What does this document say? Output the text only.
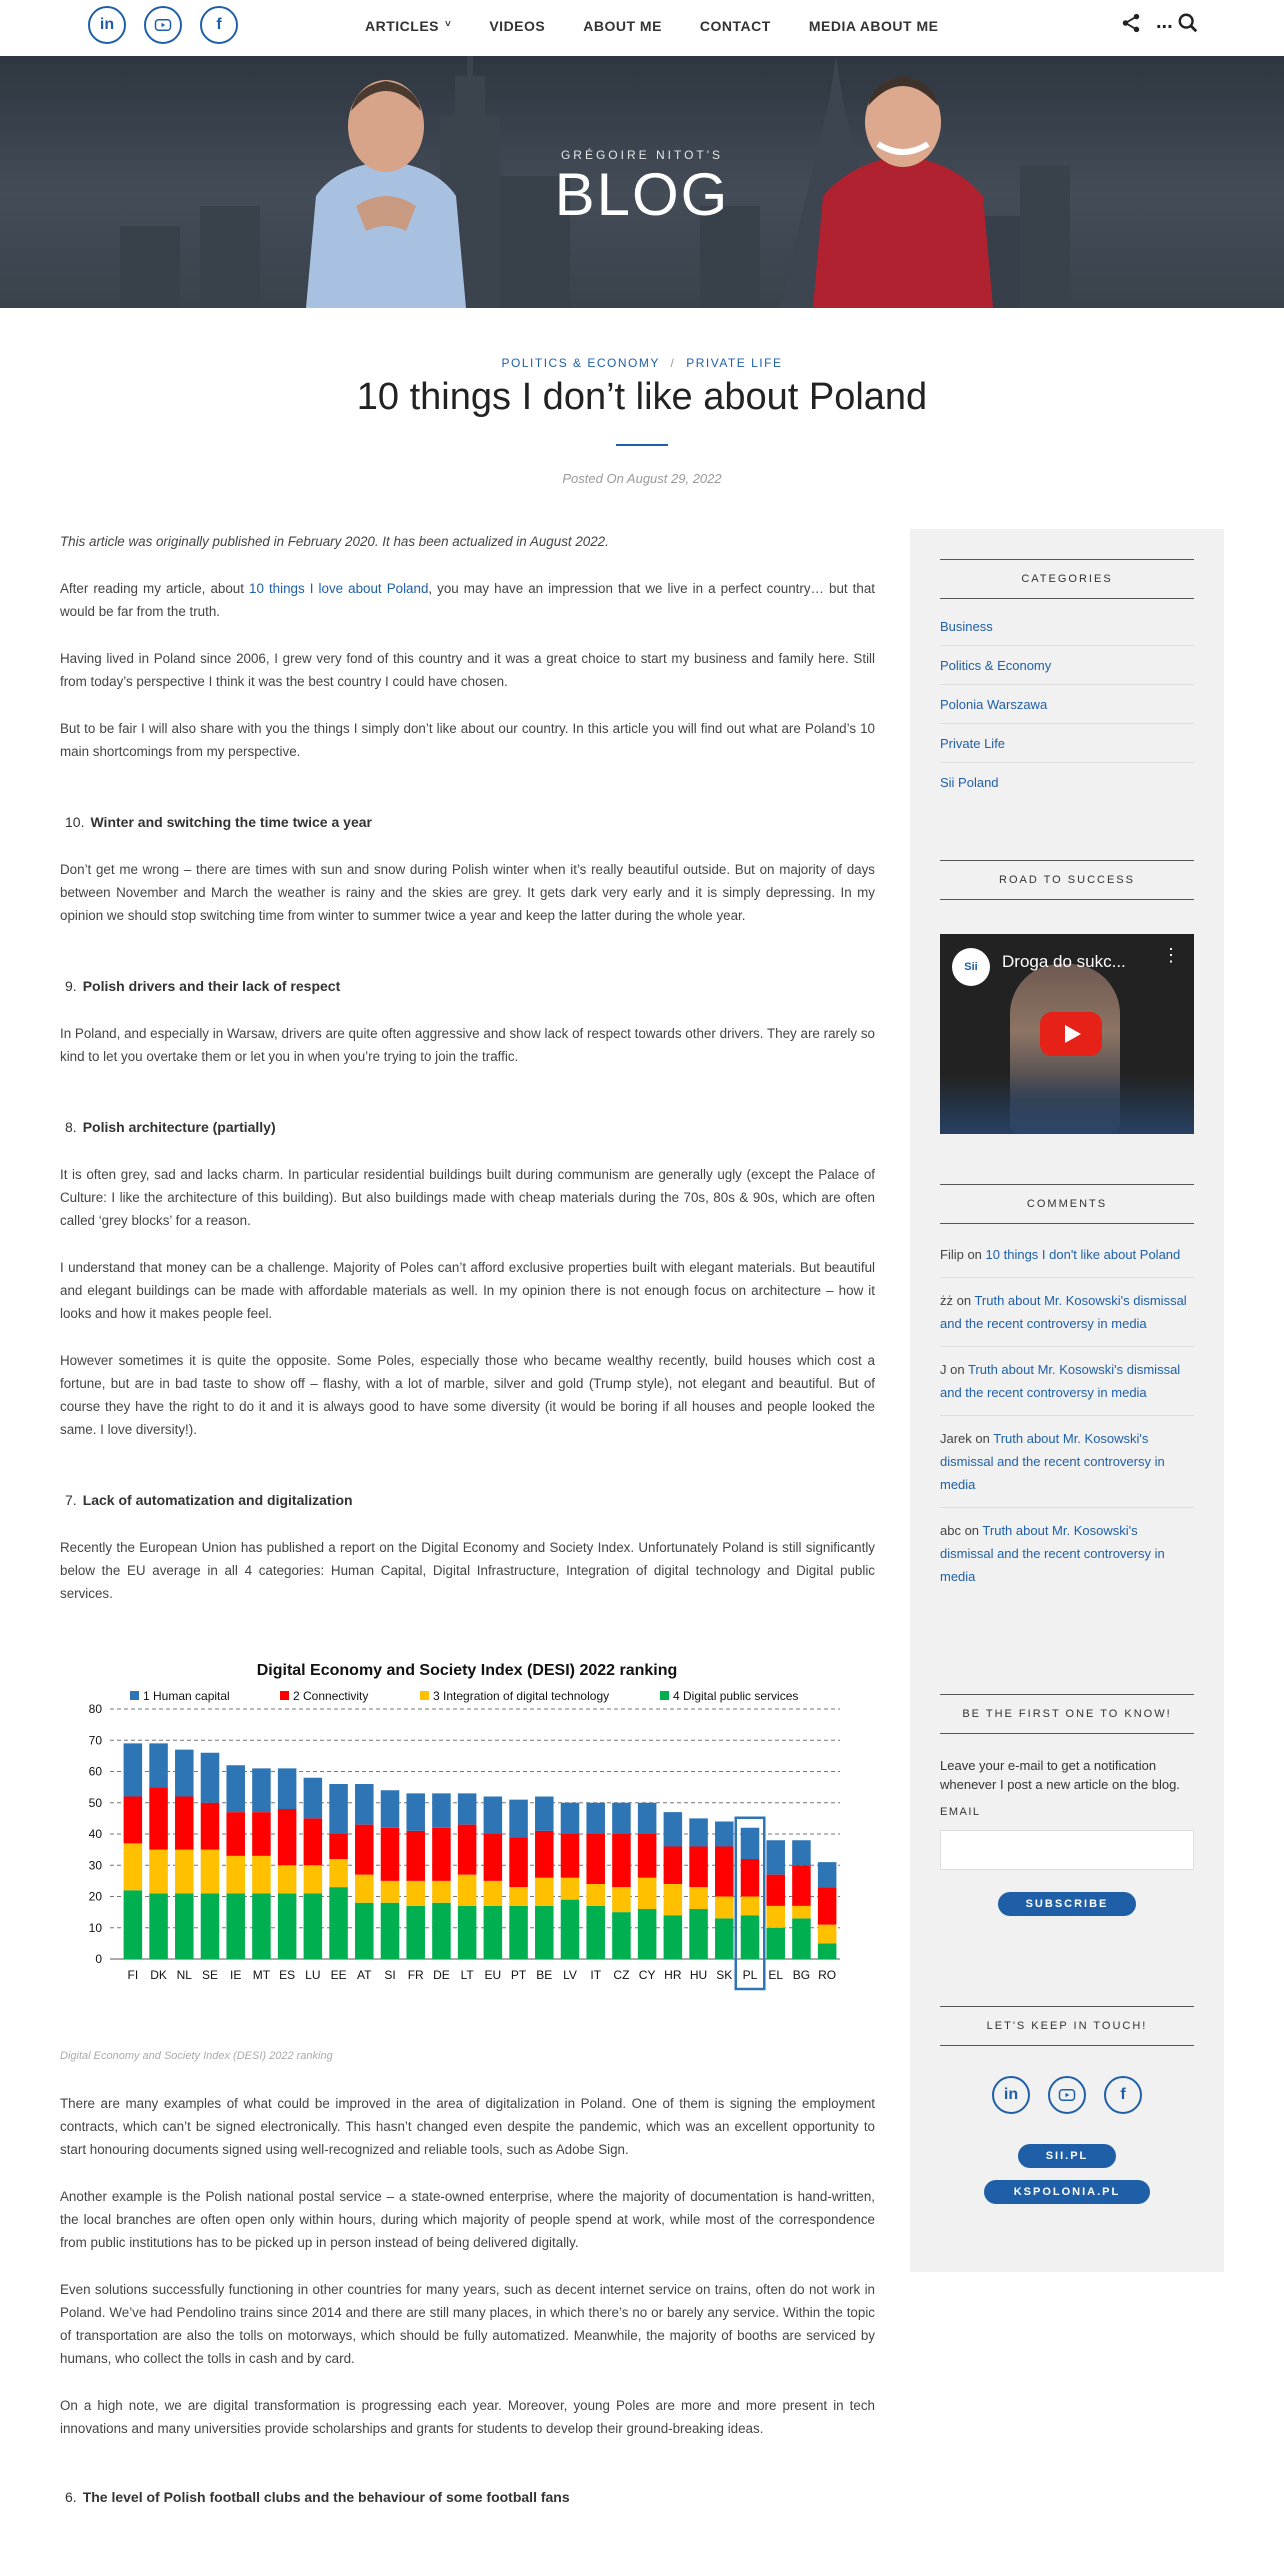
in	f	ARTICLES ˅	VIDEOS	ABOUT ME	CONTACT	MEDIA ABOUT ME	...
GRÉGOIRE NITOT'S
BLOG
POLITICS & ECONOMY / PRIVATE LIFE
10 things I don’t like about Poland
Posted On August 29, 2022

This article was originally published in February 2020. It has been actualized in August 2022.

After reading my article, about 10 things I love about Poland, you may have an impression that we live in a perfect country… but that would be far from the truth.

Having lived in Poland since 2006, I grew very fond of this country and it was a great choice to start my business and family here. Still from today’s perspective I think it was the best country I could have chosen.

But to be fair I will also share with you the things I simply don’t like about our country. In this article you will find out what are Poland’s 10 main shortcomings from my perspective.

10. Winter and switching the time twice a year

Don’t get me wrong – there are times with sun and snow during Polish winter when it’s really beautiful outside. But on majority of days between November and March the weather is rainy and the skies are grey. It gets dark very early and it is simply depressing. In my opinion we should stop switching time from winter to summer twice a year and keep the latter during the whole year.

9. Polish drivers and their lack of respect

In Poland, and especially in Warsaw, drivers are quite often aggressive and show lack of respect towards other drivers. They are rarely so kind to let you overtake them or let you in when you’re trying to join the traffic.

8. Polish architecture (partially)

It is often grey, sad and lacks charm. In particular residential buildings built during communism are generally ugly (except the Palace of Culture: I like the architecture of this building). But also buildings made with cheap materials during the 70s, 80s & 90s, which are often called ‘grey blocks’ for a reason.

I understand that money can be a challenge. Majority of Poles can’t afford exclusive properties built with elegant materials. But beautiful and elegant buildings can be made with affordable materials as well. In my opinion there is not enough focus on architecture – how it looks and how it makes people feel.

However sometimes it is quite the opposite. Some Poles, especially those who became wealthy recently, build houses which cost a fortune, but are in bad taste to show off – flashy, with a lot of marble, silver and gold (Trump style), not elegant and beautiful. But of course they have the right to do it and it is always good to have some diversity (it would be boring if all houses and people looked the same. I love diversity!).

7. Lack of automatization and digitalization

Recently the European Union has published a report on the Digital Economy and Society Index. Unfortunately Poland is still significantly below the EU average in all 4 categories: Human Capital, Digital Infrastructure, Integration of digital technology and Digital public services.

Digital Economy and Society Index (DESI) 2022 ranking
1 Human capital	2 Connectivity	3 Integration of digital technology	4 Digital public services
0
10
20
30
40
50
60
70
80
FI DK NL SE IE MT ES LU EE AT SI FR DE LT EU PT BE LV IT CZ CY HR HU SK PL EL BG RO
Digital Economy and Society Index (DESI) 2022 ranking

There are many examples of what could be improved in the area of digitalization in Poland. One of them is signing the employment contracts, which can’t be signed electronically. This hasn’t changed even despite the pandemic, which was an excellent opportunity to start honouring documents signed using well-recognized and reliable tools, such as Adobe Sign.

Another example is the Polish national postal service – a state-owned enterprise, where the majority of documentation is hand-written, the local branches are often open only within hours, during which majority of people spend at work, while most of the correspondence from public institutions has to be picked up in person instead of being delivered digitally.

Even solutions successfully functioning in other countries for many years, such as decent internet service on trains, often do not work in Poland. We’ve had Pendolino trains since 2014 and there are still many places, in which there’s no or barely any service. Within the topic of transportation are also the tolls on motorways, which should be fully automatized. Meanwhile, the majority of booths are serviced by humans, who collect the tolls in cash and by card.

On a high note, we are digital transformation is progressing each year. Moreover, young Poles are more and more present in tech innovations and many universities provide scholarships and grants for students to develop their ground-breaking ideas.

6. The level of Polish football clubs and the behaviour of some football fans
CATEGORIES
Business
Politics & Economy
Polonia Warszawa
Private Life
Sii Poland
ROAD TO SUCCESS
Sii	Droga do sukc... ⋮
COMMENTS
Filip on 10 things I don't like about Poland
żż on Truth about Mr. Kosowski's dismissal and the recent controversy in media
J on Truth about Mr. Kosowski's dismissal and the recent controversy in media
Jarek on Truth about Mr. Kosowski's dismissal and the recent controversy in media
abc on Truth about Mr. Kosowski's dismissal and the recent controversy in media
BE THE FIRST ONE TO KNOW!
Leave your e-mail to get a notification whenever I post a new article on the blog.
EMAIL
SUBSCRIBE
LET'S KEEP IN TOUCH!
in	f
SII.PL
KSPOLONIA.PL
